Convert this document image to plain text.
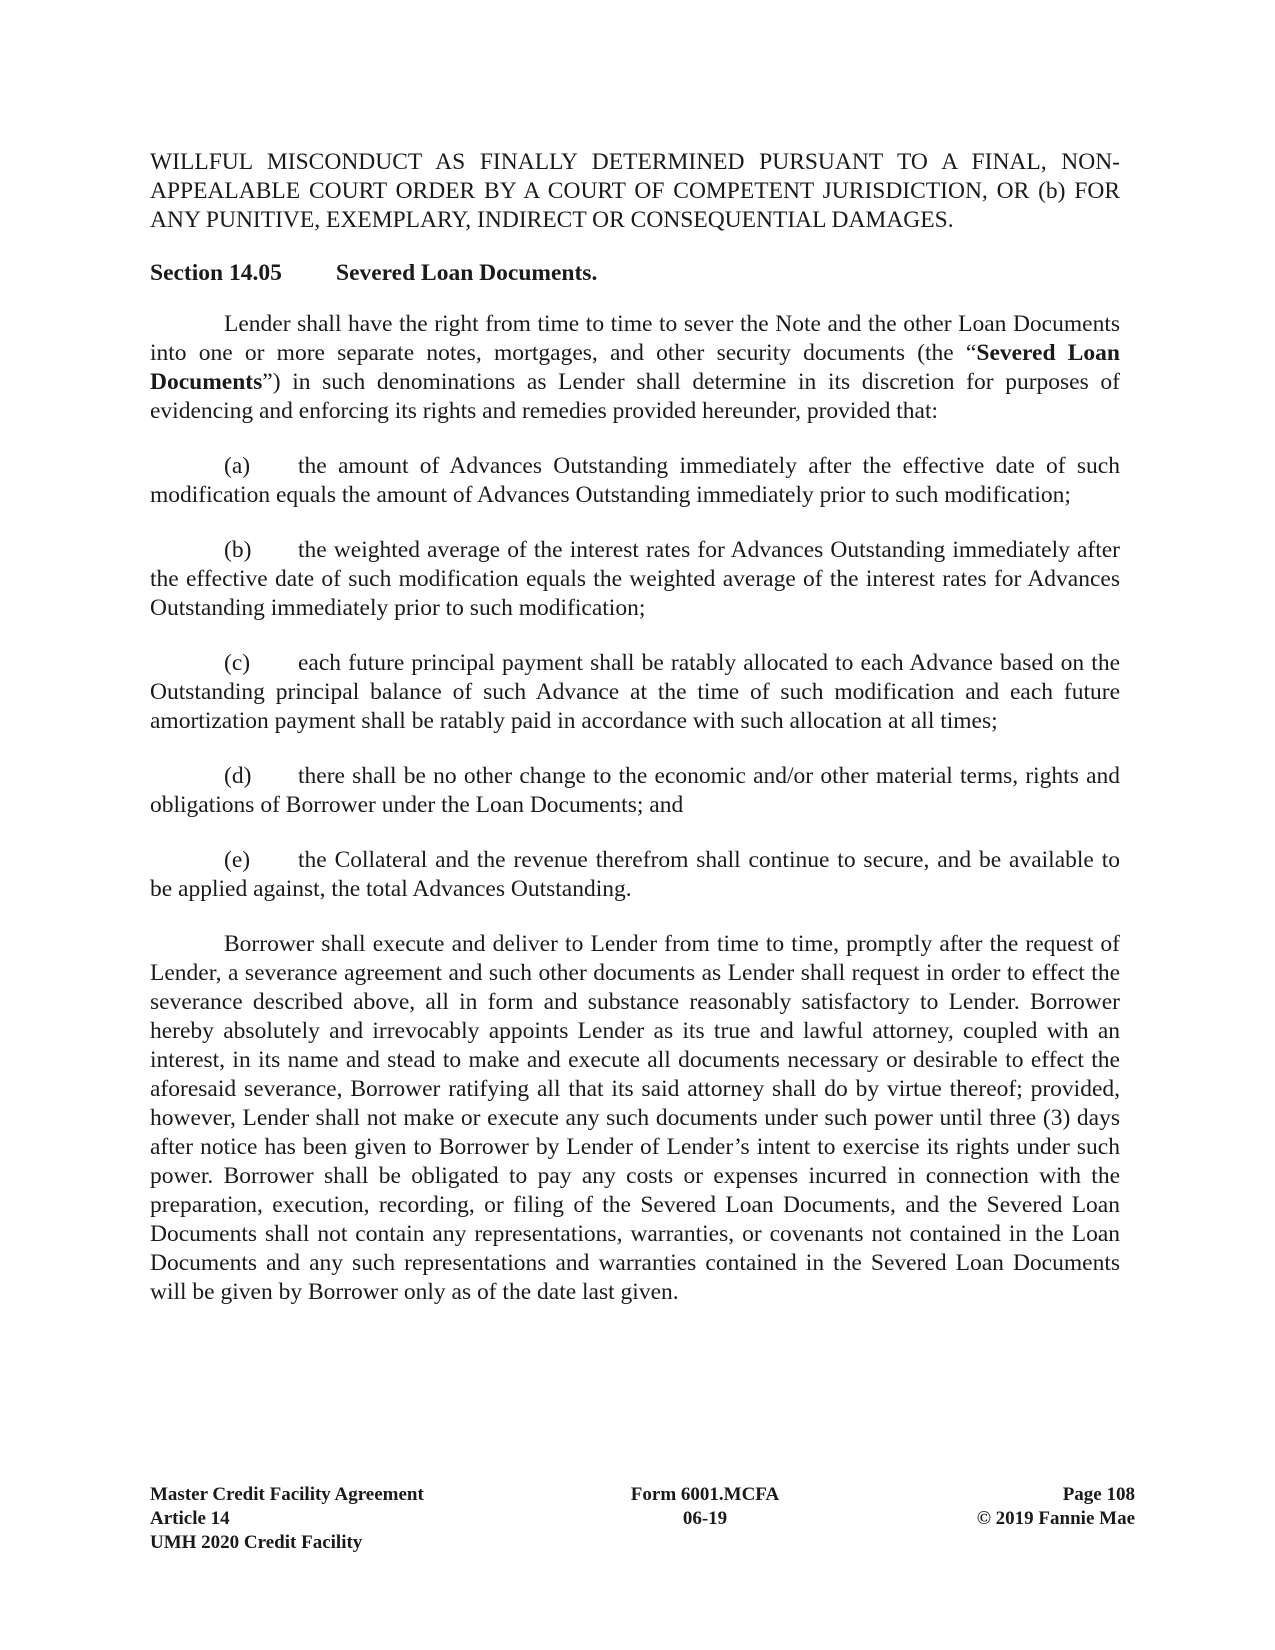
WILLFUL MISCONDUCT AS FINALLY DETERMINED PURSUANT TO A FINAL, NON-APPEALABLE COURT ORDER BY A COURT OF COMPETENT JURISDICTION, OR (b) FOR ANY PUNITIVE, EXEMPLARY, INDIRECT OR CONSEQUENTIAL DAMAGES.

Section 14.05 Severed Loan Documents.

Lender shall have the right from time to time to sever the Note and the other Loan Documents into one or more separate notes, mortgages, and other security documents (the “Severed Loan Documents”) in such denominations as Lender shall determine in its discretion for purposes of evidencing and enforcing its rights and remedies provided hereunder, provided that:

(a) the amount of Advances Outstanding immediately after the effective date of such modification equals the amount of Advances Outstanding immediately prior to such modification;

(b) the weighted average of the interest rates for Advances Outstanding immediately after the effective date of such modification equals the weighted average of the interest rates for Advances Outstanding immediately prior to such modification;

(c) each future principal payment shall be ratably allocated to each Advance based on the Outstanding principal balance of such Advance at the time of such modification and each future amortization payment shall be ratably paid in accordance with such allocation at all times;

(d) there shall be no other change to the economic and/or other material terms, rights and obligations of Borrower under the Loan Documents; and

(e) the Collateral and the revenue therefrom shall continue to secure, and be available to be applied against, the total Advances Outstanding.

Borrower shall execute and deliver to Lender from time to time, promptly after the request of Lender, a severance agreement and such other documents as Lender shall request in order to effect the severance described above, all in form and substance reasonably satisfactory to Lender. Borrower hereby absolutely and irrevocably appoints Lender as its true and lawful attorney, coupled with an interest, in its name and stead to make and execute all documents necessary or desirable to effect the aforesaid severance, Borrower ratifying all that its said attorney shall do by virtue thereof; provided, however, Lender shall not make or execute any such documents under such power until three (3) days after notice has been given to Borrower by Lender of Lender’s intent to exercise its rights under such power. Borrower shall be obligated to pay any costs or expenses incurred in connection with the preparation, execution, recording, or filing of the Severed Loan Documents, and the Severed Loan Documents shall not contain any representations, warranties, or covenants not contained in the Loan Documents and any such representations and warranties contained in the Severed Loan Documents will be given by Borrower only as of the date last given.

Master Credit Facility Agreement
Article 14
UMH 2020 Credit Facility
Form 6001.MCFA
06-19
Page 108
© 2019 Fannie Mae
